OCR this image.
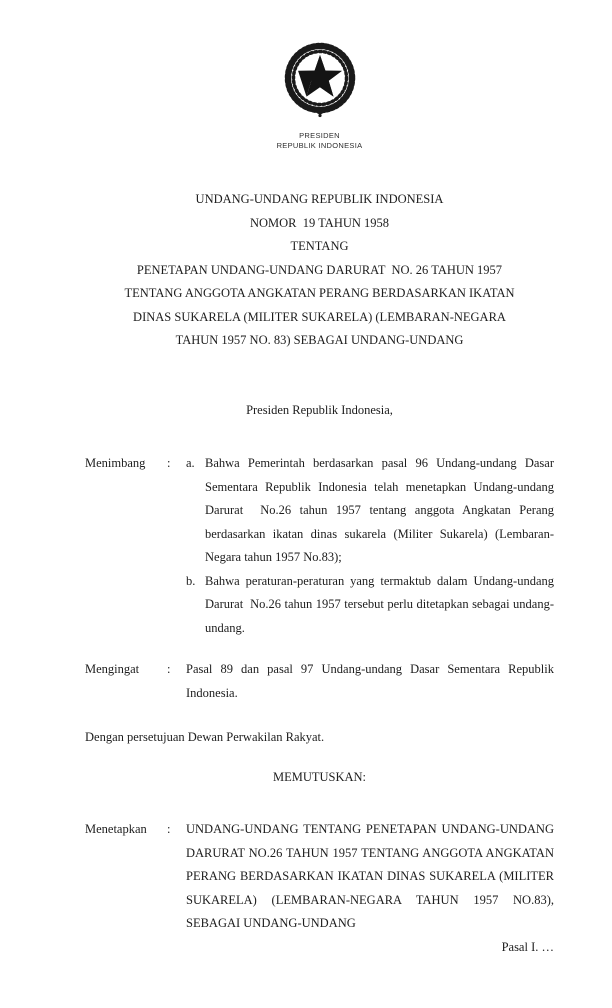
PRESIDEN
REPUBLIK INDONESIA
UNDANG-UNDANG REPUBLIK INDONESIA
NOMOR  19 TAHUN 1958
TENTANG
PENETAPAN UNDANG-UNDANG DARURAT  NO. 26 TAHUN 1957
TENTANG ANGGOTA ANGKATAN PERANG BERDASARKAN IKATAN
DINAS SUKARELA (MILITER SUKARELA) (LEMBARAN-NEGARA
TAHUN 1957 NO. 83) SEBAGAI UNDANG-UNDANG

Presiden Republik Indonesia,

Menimbang	:	a. Bahwa Pemerintah berdasarkan pasal 96 Undang-undang Dasar Sementara Republik Indonesia telah menetapkan Undang-undang Darurat  No.26 tahun 1957 tentang anggota Angkatan Perang berdasarkan ikatan dinas sukarela (Militer Sukarela) (Lembaran-Negara tahun 1957 No.83);
b. Bahwa peraturan-peraturan yang termaktub dalam Undang-undang Darurat  No.26 tahun 1957 tersebut perlu ditetapkan sebagai undang-undang.
Mengingat	:	Pasal 89 dan pasal 97 Undang-undang Dasar Sementara Republik Indonesia.

Dengan persetujuan Dewan Perwakilan Rakyat.

MEMUTUSKAN:

Menetapkan	:	UNDANG-UNDANG TENTANG PENETAPAN UNDANG-UNDANG DARURAT NO.26 TAHUN 1957 TENTANG ANGGOTA ANGKATAN PERANG BERDASARKAN IKATAN DINAS SUKARELA (MILITER SUKARELA) (LEMBARAN-NEGARA TAHUN 1957 NO.83), SEBAGAI UNDANG-UNDANG

Pasal I. …
